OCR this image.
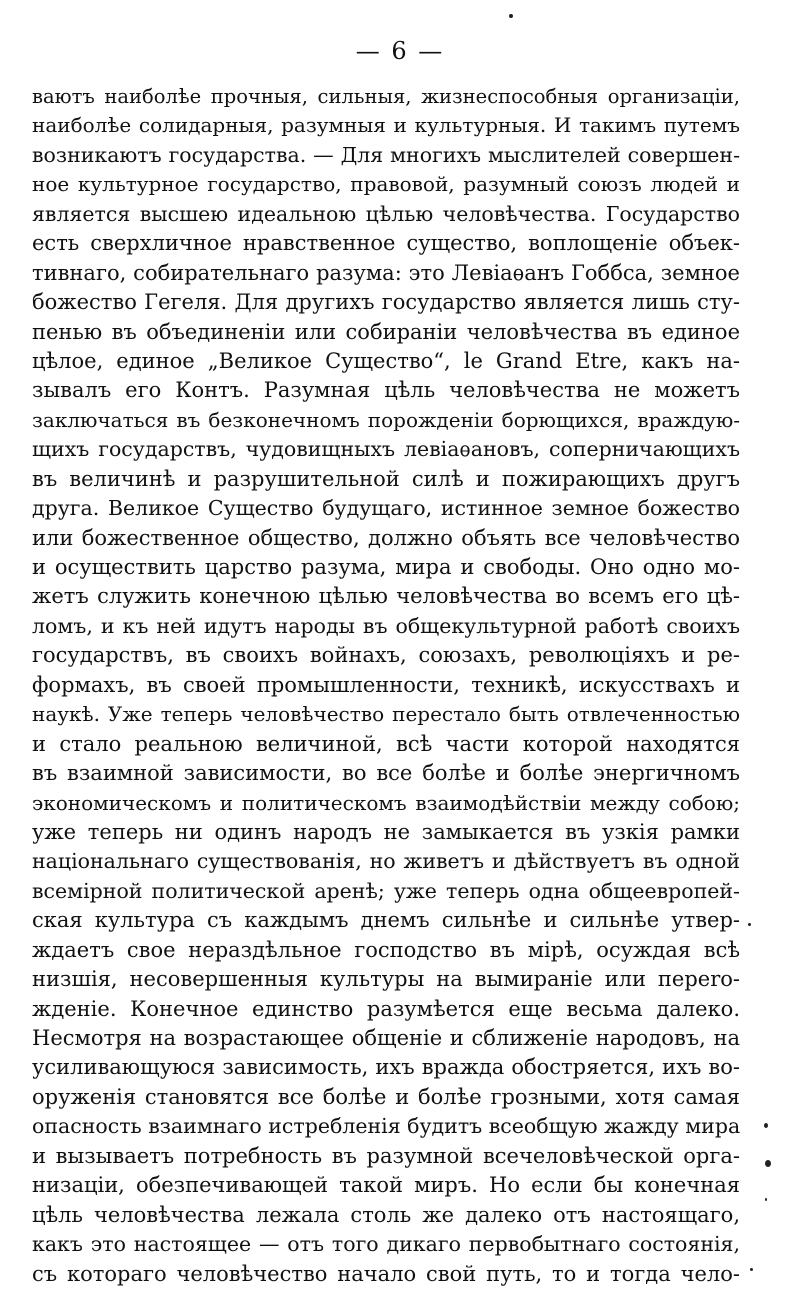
— 6 —
ваютъ наиболѣе прочныя, сильныя, жизнеспособныя организаціи,
наиболѣе солидарныя, разумныя и культурныя. И такимъ путемъ
возникаютъ государства. — Для многихъ мыслителей совершен-
ное культурное государство, правовой, разумный союзъ людей и
является высшею идеальною цѣлью человѣчества. Государство
есть сверхличное нравственное существо, воплощеніе объек-
тивнаго, собирательнаго разума: это Левіаѳанъ Гоббса, земное
божество Гегеля. Для другихъ государство является лишь сту-
пенью въ объединеніи или собираніи человѣчества въ единое
цѣлое, единое „Великое Существо“, le Grand Etre, какъ на-
зывалъ его Контъ. Разумная цѣль человѣчества не можетъ
заключаться въ безконечномъ порожденіи борющихся, враждую-
щихъ государствъ, чудовищныхъ левіаѳановъ, соперничающихъ
въ величинѣ и разрушительной силѣ и пожирающихъ другъ
друга. Великое Существо будущаго, истинное земное божество
или божественное общество, должно объять все человѣчество
и осуществить царство разума, мира и свободы. Оно одно мо-
жетъ служить конечною цѣлью человѣчества во всемъ его цѣ-
ломъ, и къ ней идутъ народы въ общекультурной работѣ своихъ
государствъ, въ своихъ войнахъ, союзахъ, революціяхъ и ре-
формахъ, въ своей промышленности, техникѣ, искусствахъ и
наукѣ. Уже теперь человѣчество перестало быть отвлеченностью
и стало реальною величиной, всѣ части которой находятся
въ взаимной зависимости, во все болѣе и болѣе энергичномъ
экономическомъ и политическомъ взаимодѣйствіи между собою;
уже теперь ни одинъ народъ не замыкается въ узкія рамки
національнаго существованія, но живетъ и дѣйствуетъ въ одной
всемірной политической аренѣ; уже теперь одна общеевропей-
ская культура съ каждымъ днемъ сильнѣе и сильнѣе утвер-
ждаетъ свое нераздѣльное господство въ мірѣ, осуждая всѣ
низшія, несовершенныя культуры на вымираніе или перero-
жденіе. Конечное единство разумѣется еще весьма далеко.
Несмотря на возрастающее общеніе и сближеніе народовъ, на
усиливающуюся зависимость, ихъ вражда обостряется, ихъ во-
оруженія становятся все болѣе и болѣе грозными, хотя самая
опасность взаимнаго истребленія будитъ всеобщую жажду мира
и вызываетъ потребность въ разумной всечеловѣческой орга-
низаціи, обезпечивающей такой миръ. Но если бы конечная
цѣль человѣчества лежала столь же далеко отъ настоящаго,
какъ это настоящее — отъ того дикаго первобытнаго состоянія,
съ котораго человѣчество начало свой путь, то и тогда чело-
